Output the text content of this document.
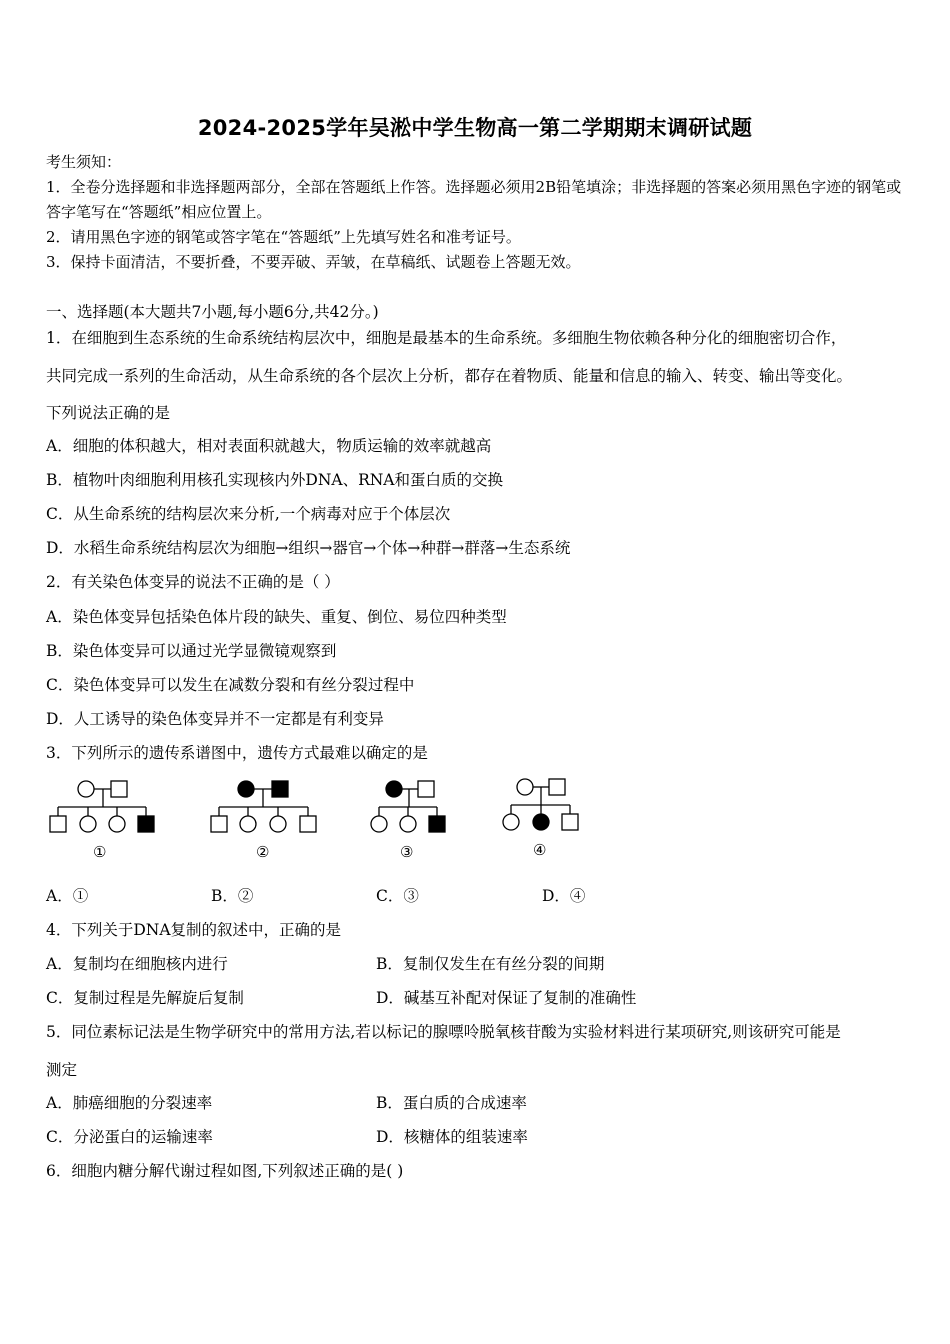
2024-2025学年吴淞中学生物高一第二学期期末调研试题
考生须知：
1．全卷分选择题和非选择题两部分，全部在答题纸上作答。选择题必须用2B铅笔填涂；非选择题的答案必须用黑色字迹的钢笔或答字笔写在“答题纸”相应位置上。
2．请用黑色字迹的钢笔或答字笔在“答题纸”上先填写姓名和准考证号。
3．保持卡面清洁，不要折叠，不要弄破、弄皱，在草稿纸、试题卷上答题无效。
一、选择题(本大题共7小题,每小题6分,共42分。)
1．在细胞到生态系统的生命系统结构层次中，细胞是最基本的生命系统。多细胞生物依赖各种分化的细胞密切合作，
共同完成一系列的生命活动，从生命系统的各个层次上分析，都存在着物质、能量和信息的输入、转变、输出等变化。
下列说法正确的是
A．细胞的体积越大，相对表面积就越大，物质运输的效率就越高
B．植物叶肉细胞利用核孔实现核内外DNA、RNA和蛋白质的交换
C．从生命系统的结构层次来分析,一个病毒对应于个体层次
D．水稻生命系统结构层次为细胞→组织→器官→个体→种群→群落→生态系统
2．有关染色体变异的说法不正确的是（ ）
A．染色体变异包括染色体片段的缺失、重复、倒位、易位四种类型
B．染色体变异可以通过光学显微镜观察到
C．染色体变异可以发生在减数分裂和有丝分裂过程中
D．人工诱导的染色体变异并不一定都是有利变异
3．下列所示的遗传系谱图中，遗传方式最难以确定的是
①	②	③	④
A．①	B．②	C．③	D．④
4．下列关于DNA复制的叙述中，正确的是
A．复制均在细胞核内进行	B．复制仅发生在有丝分裂的间期
C．复制过程是先解旋后复制	D．碱基互补配对保证了复制的准确性
5．同位素标记法是生物学研究中的常用方法,若以标记的腺嘌呤脱氧核苷酸为实验材料进行某项研究,则该研究可能是
测定
A．肺癌细胞的分裂速率	B．蛋白质的合成速率
C．分泌蛋白的运输速率	D．核糖体的组装速率
6．细胞内糖分解代谢过程如图,下列叙述正确的是( )
